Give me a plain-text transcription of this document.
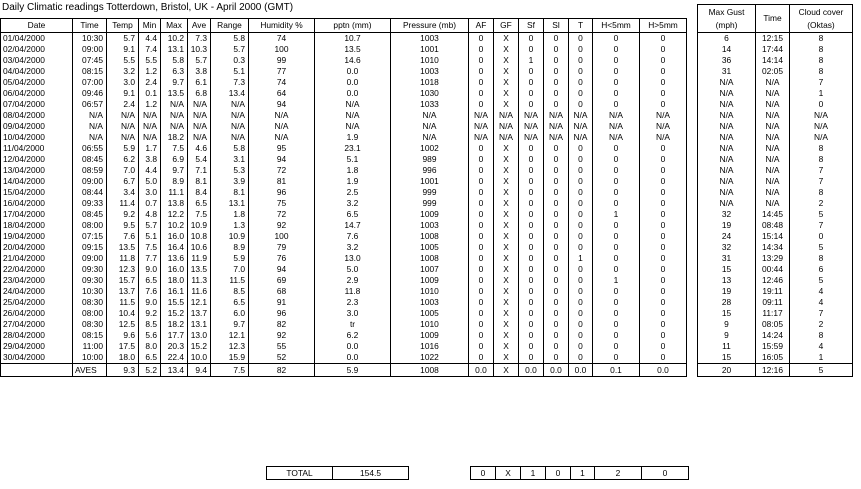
Daily Climatic readings Totterdown, Bristol, UK - April 2000 (GMT)
Date	Time	Temp	Min	Max	Ave	Range	Humidity %	pptn (mm)	Pressure (mb)	AF	GF	Sf	Sl	T	H<5mm	H>5mm
01/04/2000	10:30	5.7	4.4	10.2	7.3	5.8	74	10.7	1003	0	X	0	0	0	0	0
02/04/2000	09:00	9.1	7.4	13.1	10.3	5.7	100	13.5	1001	0	X	0	0	0	0	0
03/04/2000	07:45	5.5	5.5	5.8	5.7	0.3	99	14.6	1010	0	X	1	0	0	0	0
04/04/2000	08:15	3.2	1.2	6.3	3.8	5.1	77	0.0	1003	0	X	0	0	0	0	0
05/04/2000	07:00	3.0	2.4	9.7	6.1	7.3	74	0.0	1018	0	X	0	0	0	0	0
06/04/2000	09:46	9.1	0.1	13.5	6.8	13.4	64	0.0	1030	0	X	0	0	0	0	0
07/04/2000	06:57	2.4	1.2	N/A	N/A	N/A	94	N/A	1033	0	X	0	0	0	0	0
08/04/2000	N/A	N/A	N/A	N/A	N/A	N/A	N/A	N/A	N/A	N/A	N/A	N/A	N/A	N/A	N/A	N/A
09/04/2000	N/A	N/A	N/A	N/A	N/A	N/A	N/A	N/A	N/A	N/A	N/A	N/A	N/A	N/A	N/A	N/A
10/04/2000	N/A	N/A	N/A	18.2	N/A	N/A	N/A	1.9	N/A	N/A	N/A	N/A	N/A	N/A	N/A	N/A
11/04/2000	06:55	5.9	1.7	7.5	4.6	5.8	95	23.1	1002	0	X	0	0	0	0	0
12/04/2000	08:45	6.2	3.8	6.9	5.4	3.1	94	5.1	989	0	X	0	0	0	0	0
13/04/2000	08:59	7.0	4.4	9.7	7.1	5.3	72	1.8	996	0	X	0	0	0	0	0
14/04/2000	09:00	6.7	5.0	8.9	8.1	3.9	81	1.9	1001	0	X	0	0	0	0	0
15/04/2000	08:44	3.4	3.0	11.1	8.4	8.1	96	2.5	999	0	X	0	0	0	0	0
16/04/2000	09:33	11.4	0.7	13.8	6.5	13.1	75	3.2	999	0	X	0	0	0	0	0
17/04/2000	08:45	9.2	4.8	12.2	7.5	1.8	72	6.5	1009	0	X	0	0	0	1	0
18/04/2000	08:00	9.5	5.7	10.2	10.9	1.3	92	14.7	1003	0	X	0	0	0	0	0
19/04/2000	07:15	7.6	5.1	16.0	10.8	10.9	100	7.6	1008	0	X	0	0	0	0	0
20/04/2000	09:15	13.5	7.5	16.4	10.6	8.9	79	3.2	1005	0	X	0	0	0	0	0
21/04/2000	09:00	11.8	7.7	13.6	11.9	5.9	76	13.0	1008	0	X	0	0	1	0	0
22/04/2000	09:30	12.3	9.0	16.0	13.5	7.0	94	5.0	1007	0	X	0	0	0	0	0
23/04/2000	09:30	15.7	6.5	18.0	11.3	11.5	69	2.9	1009	0	X	0	0	0	1	0
24/04/2000	10:30	13.7	7.6	16.1	11.6	8.5	68	11.8	1010	0	X	0	0	0	0	0
25/04/2000	08:30	11.5	9.0	15.5	12.1	6.5	91	2.3	1003	0	X	0	0	0	0	0
26/04/2000	08:00	10.4	9.2	15.2	13.7	6.0	96	3.0	1005	0	X	0	0	0	0	0
27/04/2000	08:30	12.5	8.5	18.2	13.1	9.7	82	tr	1010	0	X	0	0	0	0	0
28/04/2000	08:15	9.6	5.6	17.7	13.0	12.1	92	6.2	1009	0	X	0	0	0	0	0
29/04/2000	11:00	17.5	8.0	20.3	15.2	12.3	55	0.0	1016	0	X	0	0	0	0	0
30/04/2000	10:00	18.0	6.5	22.4	10.0	15.9	52	0.0	1022	0	X	0	0	0	0	0
	AVES	9.3	5.2	13.4	9.4	7.5	82	5.9	1008	0.0	X	0.0	0.0	0.0	0.1	0.0
Max Gust (mph)	Time	Cloud cover (Oktas)
6	12:15	8
14	17:44	8
36	14:14	8
31	02:05	8
N/A	N/A	7
N/A	N/A	1
N/A	N/A	0
N/A	N/A	N/A
N/A	N/A	N/A
N/A	N/A	N/A
N/A	N/A	8
N/A	N/A	8
N/A	N/A	7
N/A	N/A	7
N/A	N/A	8
N/A	N/A	2
32	14:45	5
19	08:48	7
24	15:14	0
32	14:34	5
31	13:29	8
15	00:44	6
13	12:46	5
19	19:11	4
28	09:11	4
15	11:17	7
9	08:05	2
9	14:24	8
11	15:59	4
15	16:05	1
20	12:16	5
TOTAL	154.5	0	X	1	0	1	2	0
